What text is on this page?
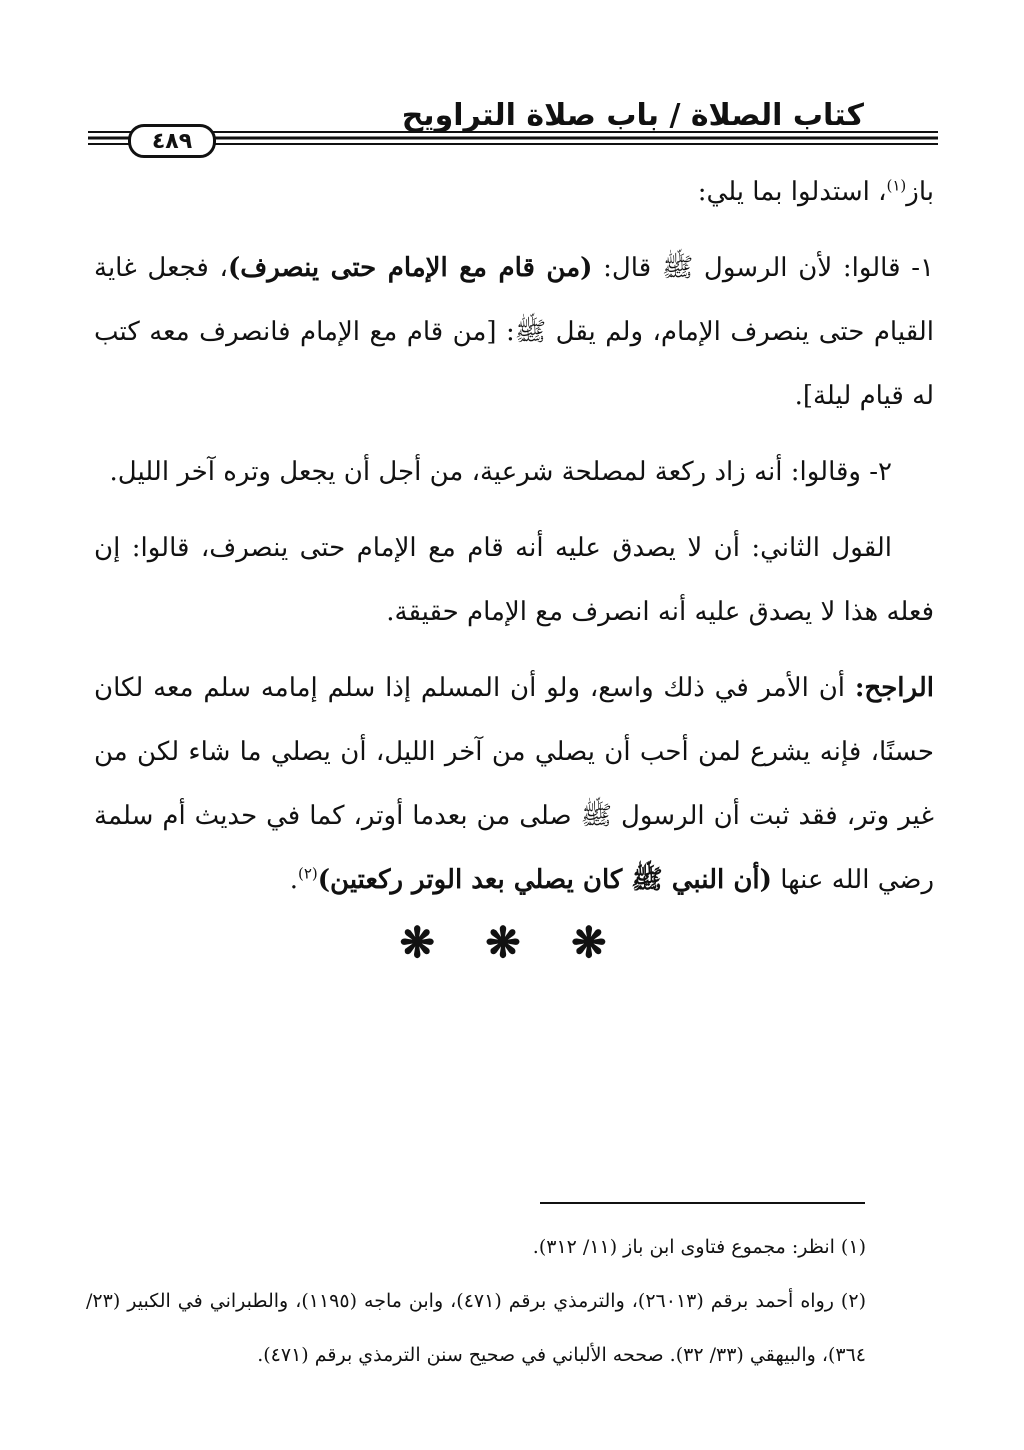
كتاب الصلاة / باب صلاة التراويح
٤٨٩

باز$^{(١)}$، استدلوا بما يلي:

١- قالوا: لأن الرسول ﷺ قال: (من قام مع الإمام حتى ينصرف)، فجعل غاية القيام حتى ينصرف الإمام، ولم يقل ﷺ: [من قام مع الإمام فانصرف معه كتب له قيام ليلة].

٢- وقالوا: أنه زاد ركعة لمصلحة شرعية، من أجل أن يجعل وتره آخر الليل.

القول الثاني: أن لا يصدق عليه أنه قام مع الإمام حتى ينصرف، قالوا: إن فعله هذا لا يصدق عليه أنه انصرف مع الإمام حقيقة.

الراجح: أن الأمر في ذلك واسع، ولو أن المسلم إذا سلم إمامه سلم معه لكان حسنًا، فإنه يشرع لمن أحب أن يصلي من آخر الليل، أن يصلي ما شاء لكن من غير وتر، فقد ثبت أن الرسول ﷺ صلى من بعدما أوتر، كما في حديث أم سلمة رضي الله عنها (أن النبي ﷺ كان يصلي بعد الوتر ركعتين)$^{(٢)}$.

❋ ❋ ❋

(١) انظر: مجموع فتاوى ابن باز (١١/ ٣١٢).

(٢) رواه أحمد برقم (٢٦٠١٣)، والترمذي برقم (٤٧١)، وابن ماجه (١١٩٥)، والطبراني في الكبير (٢٣/ ٣٦٤)، والبيهقي (٣٣/ ٣٢). صححه الألباني في صحيح سنن الترمذي برقم (٤٧١).
